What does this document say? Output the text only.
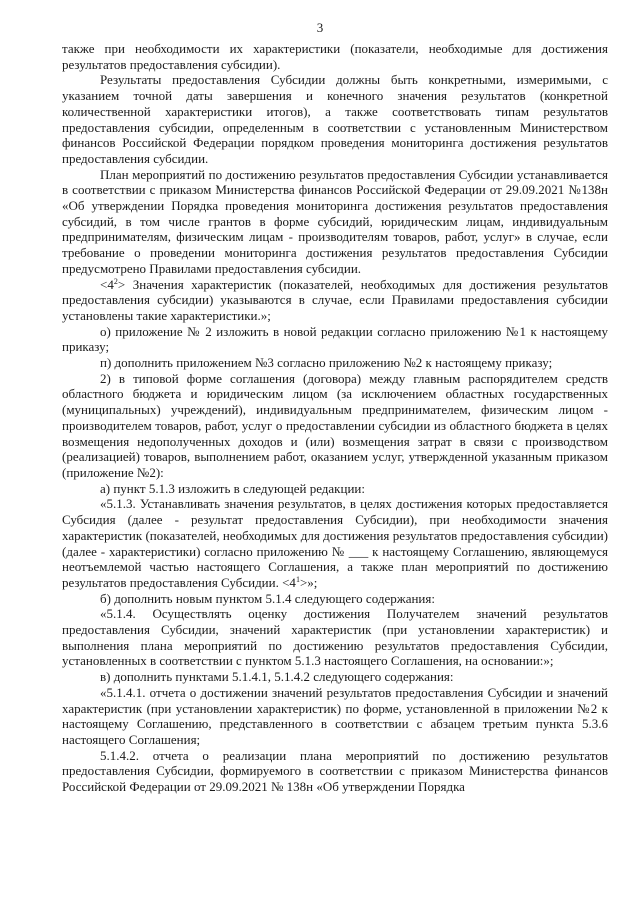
3

также при необходимости их характеристики (показатели, необходимые для достижения результатов предоставления субсидии).

Результаты предоставления Субсидии должны быть конкретными, измеримыми, с указанием точной даты завершения и конечного значения результатов (конкретной количественной характеристики итогов), а также соответствовать типам результатов предоставления субсидии, определенным в соответствии с установленным Министерством финансов Российской Федерации порядком проведения мониторинга достижения результатов предоставления субсидии.

План мероприятий по достижению результатов предоставления Субсидии устанавливается в соответствии с приказом Министерства финансов Российской Федерации от 29.09.2021 №138н «Об утверждении Порядка проведения мониторинга достижения результатов предоставления субсидий, в том числе грантов в форме субсидий, юридическим лицам, индивидуальным предпринимателям, физическим лицам - производителям товаров, работ, услуг» в случае, если требование о проведении мониторинга достижения результатов предоставления Субсидии предусмотрено Правилами предоставления субсидии.

$<4^2>$ Значения характеристик (показателей, необходимых для достижения результатов предоставления субсидии) указываются в случае, если Правилами предоставления субсидии установлены такие характеристики.»;

о) приложение № 2 изложить в новой редакции согласно приложению №1 к настоящему приказу;

п) дополнить приложением №3 согласно приложению №2 к настоящему приказу;

2) в типовой форме соглашения (договора) между главным распорядителем средств областного бюджета и юридическим лицом (за исключением областных государственных (муниципальных) учреждений), индивидуальным предпринимателем, физическим лицом - производителем товаров, работ, услуг о предоставлении субсидии из областного бюджета в целях возмещения недополученных доходов и (или) возмещения затрат в связи с производством (реализацией) товаров, выполнением работ, оказанием услуг, утвержденной указанным приказом (приложение №2):

а) пункт 5.1.3 изложить в следующей редакции:

«5.1.3. Устанавливать значения результатов, в целях достижения которых предоставляется Субсидия (далее - результат предоставления Субсидии), при необходимости значения характеристик (показателей, необходимых для достижения результатов предоставления субсидии) (далее - характеристики) согласно приложению № ___ к настоящему Соглашению, являющемуся неотъемлемой частью настоящего Соглашения, а также план мероприятий по достижению результатов предоставления Субсидии. $<4^1>$»;

б) дополнить новым пунктом 5.1.4 следующего содержания:

«5.1.4. Осуществлять оценку достижения Получателем значений результатов предоставления Субсидии, значений характеристик (при установлении характеристик) и выполнения плана мероприятий по достижению результатов предоставления Субсидии, установленных в соответствии с пунктом 5.1.3 настоящего Соглашения, на основании:»;

в) дополнить пунктами 5.1.4.1, 5.1.4.2 следующего содержания:

«5.1.4.1. отчета о достижении значений результатов предоставления Субсидии и значений характеристик (при установлении характеристик) по форме, установленной в приложении №2 к настоящему Соглашению, представленного в соответствии с абзацем третьим пункта 5.3.6 настоящего Соглашения;

5.1.4.2. отчета о реализации плана мероприятий по достижению результатов предоставления Субсидии, формируемого в соответствии с приказом Министерства финансов Российской Федерации от 29.09.2021 № 138н «Об утверждении Порядка
